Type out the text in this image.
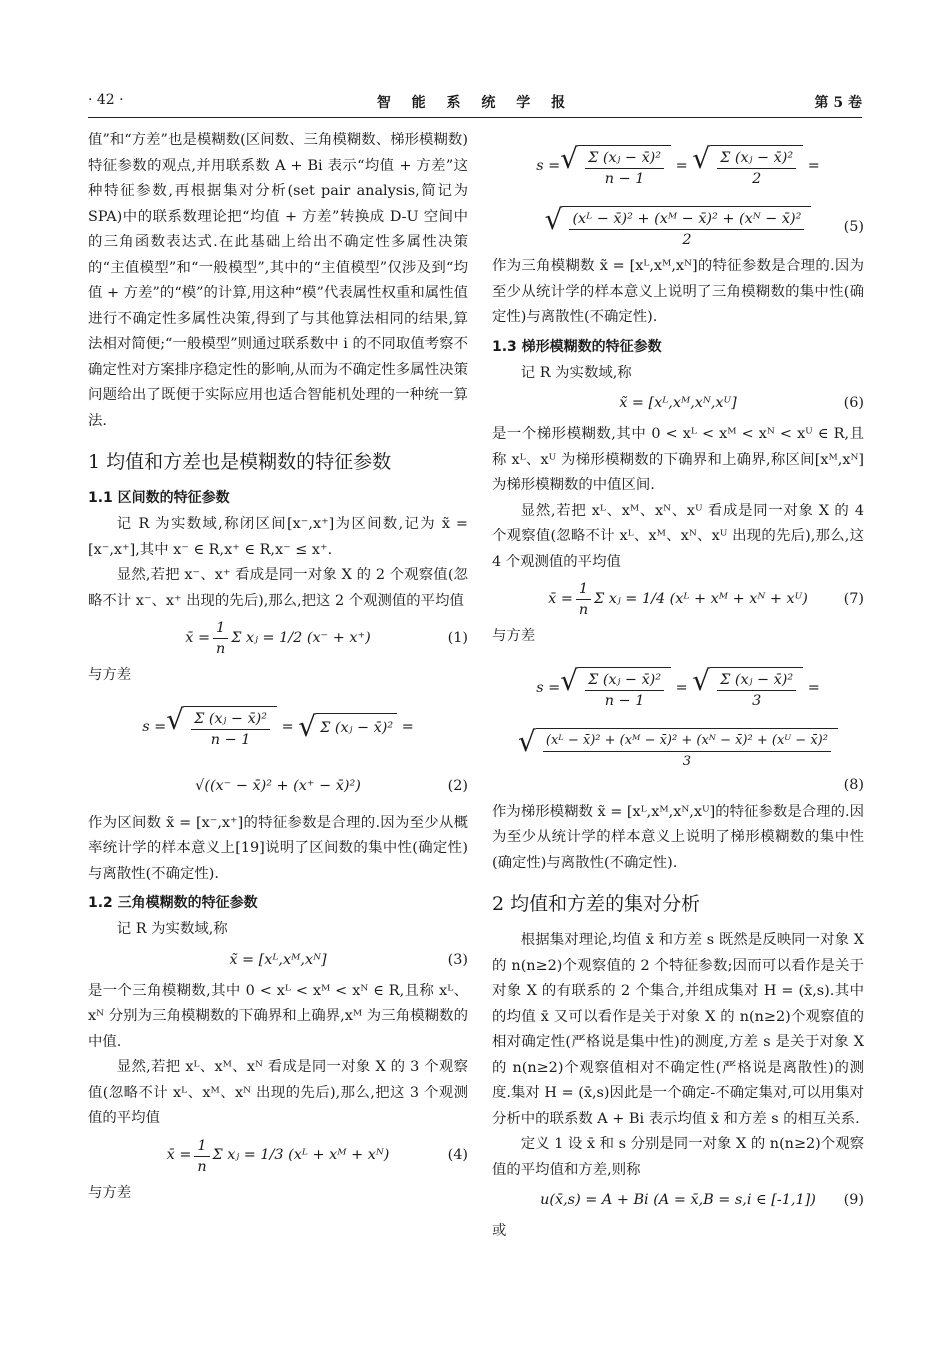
· 42 ·	智 能 系 统 学 报	第 5 卷

值”和“方差”也是模糊数(区间数、三角模糊数、梯形模糊数)特征参数的观点,并用联系数 A + Bi 表示“均值 + 方差”这种特征参数,再根据集对分析(set pair analysis,简记为 SPA)中的联系数理论把“均值 + 方差”转换成 D-U 空间中的三角函数表达式.在此基础上给出不确定性多属性决策的“主值模型”和“一般模型”,其中的“主值模型”仅涉及到“均值 + 方差”的“模”的计算,用这种“模”代表属性权重和属性值进行不确定性多属性决策,得到了与其他算法相同的结果,算法相对简便;“一般模型”则通过联系数中 i 的不同取值考察不确定性对方案排序稳定性的影响,从而为不确定性多属性决策问题给出了既便于实际应用也适合智能机处理的一种统一算法.

1 均值和方差也是模糊数的特征参数
1.1 区间数的特征参数

记 R 为实数域,称闭区间[x⁻,x⁺]为区间数,记为 x̃ = [x⁻,x⁺],其中 x⁻ ∈ R,x⁺ ∈ R,x⁻ ≤ x⁺.

显然,若把 x⁻、x⁺ 看成是同一对象 X 的 2 个观察值(忽略不计 x⁻、x⁺ 出现的先后),那么,把这 2 个观测值的平均值

x̄ = $\frac{1}{n}$ Σ xⱼ = 1/2 (x⁻ + x⁺)	(1)

与方差

s = √ $\frac{\text{Σ (xⱼ − x̄)²}}{n - 1}$ = √ Σ (xⱼ − x̄)² =
√((x⁻ − x̄)² + (x⁺ − x̄)²)	(2)

作为区间数 x̃ = [x⁻,x⁺]的特征参数是合理的.因为至少从概率统计学的样本意义上[19]说明了区间数的集中性(确定性)与离散性(不确定性).

1.2 三角模糊数的特征参数

记 R 为实数域,称

x̃ = [xᴸ,xᴹ,xᴺ]	(3)

是一个三角模糊数,其中 0 < xᴸ < xᴹ < xᴺ ∈ R,且称 xᴸ、xᴺ 分别为三角模糊数的下确界和上确界,xᴹ 为三角模糊数的中值.

显然,若把 xᴸ、xᴹ、xᴺ 看成是同一对象 X 的 3 个观察值(忽略不计 xᴸ、xᴹ、xᴺ 出现的先后),那么,把这 3 个观测值的平均值

x̄ = $\frac{1}{n}$ Σ xⱼ = 1/3 (xᴸ + xᴹ + xᴺ)	(4)

与方差

s = √ $\frac{\text{Σ (xⱼ − x̄)²}}{n - 1}$ = √ $\frac{\text{Σ (xⱼ − x̄)²}}{2}$ =
√ $\frac{\text{(xᴸ − x̄)² + (xᴹ − x̄)² + (xᴺ − x̄)²}}{2}$	(5)

作为三角模糊数 x̃ = [xᴸ,xᴹ,xᴺ]的特征参数是合理的.因为至少从统计学的样本意义上说明了三角模糊数的集中性(确定性)与离散性(不确定性).

1.3 梯形模糊数的特征参数

记 R 为实数域,称

x̃ = [xᴸ,xᴹ,xᴺ,xᵁ]	(6)

是一个梯形模糊数,其中 0 < xᴸ < xᴹ < xᴺ < xᵁ ∈ R,且称 xᴸ、xᵁ 为梯形模糊数的下确界和上确界,称区间[xᴹ,xᴺ]为梯形模糊数的中值区间.

显然,若把 xᴸ、xᴹ、xᴺ、xᵁ 看成是同一对象 X 的 4 个观察值(忽略不计 xᴸ、xᴹ、xᴺ、xᵁ 出现的先后),那么,这 4 个观测值的平均值

x̄ = $\frac{1}{n}$ Σ xⱼ = 1/4 (xᴸ + xᴹ + xᴺ + xᵁ) (7)

与方差

s = √ $\frac{\text{Σ (xⱼ − x̄)²}}{n - 1}$ = √ $\frac{\text{Σ (xⱼ − x̄)²}}{3}$ =
√ $\frac{\text{(xᴸ − x̄)² + (xᴹ − x̄)² + (xᴺ − x̄)² + (xᵁ − x̄)²}}{3}$
(8)

作为梯形模糊数 x̃ = [xᴸ,xᴹ,xᴺ,xᵁ]的特征参数是合理的.因为至少从统计学的样本意义上说明了梯形模糊数的集中性(确定性)与离散性(不确定性).

2 均值和方差的集对分析

根据集对理论,均值 x̄ 和方差 s 既然是反映同一对象 X 的 n(n≥2)个观察值的 2 个特征参数;因而可以看作是关于对象 X 的有联系的 2 个集合,并组成集对 H = (x̄,s).其中的均值 x̄ 又可以看作是关于对象 X 的 n(n≥2)个观察值的相对确定性(严格说是集中性)的测度,方差 s 是关于对象 X 的 n(n≥2)个观察值相对不确定性(严格说是离散性)的测度.集对 H = (x̄,s)因此是一个确定-不确定集对,可以用集对分析中的联系数 A + Bi 表示均值 x̄ 和方差 s 的相互关系.

定义 1 设 x̄ 和 s 分别是同一对象 X 的 n(n≥2)个观察值的平均值和方差,则称

u(x̄,s) = A + Bi (A = x̄,B = s,i ∈ [-1,1]) (9)

或
